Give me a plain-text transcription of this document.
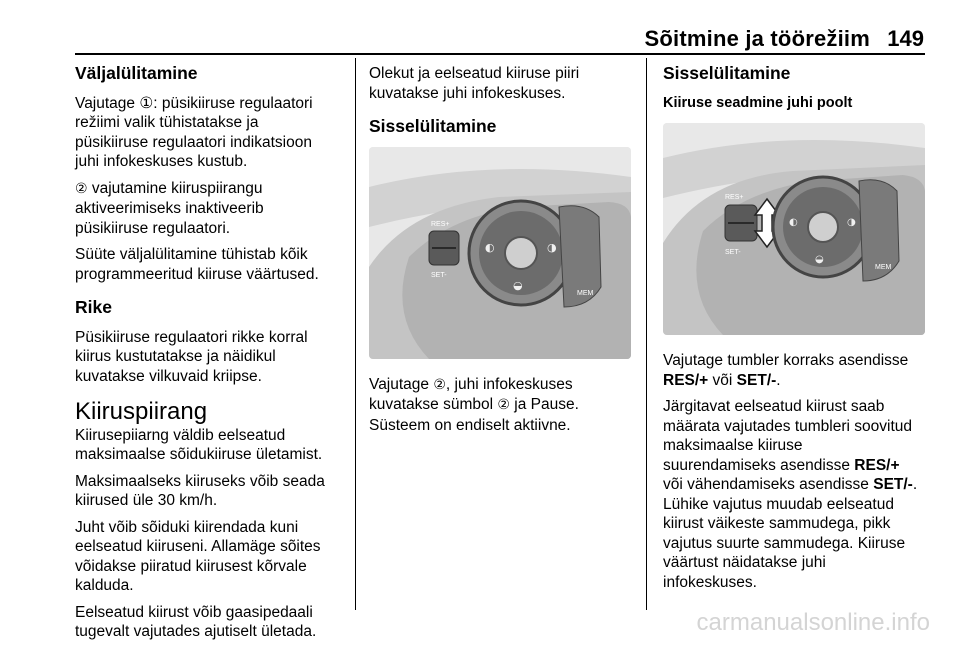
Sõitmine ja töörežiim 149
Väljalülitamine

Vajutage ①: püsikiiruse regulaatori
režiimi valik tühistatakse ja
püsikiiruse regulaatori indikatsioon
juhi infokeskuses kustub.

② vajutamine kiiruspiirangu
aktiveerimiseks inaktiveerib
püsikiiruse regulaatori.

Süüte väljalülitamine tühistab kõik
programmeeritud kiiruse väärtused.

Rike

Püsikiiruse regulaatori rikke korral
kiirus kustutatakse ja näidikul
kuvatakse vilkuvaid kriipse.

Kiiruspiirang

Kiirusepiiarng väldib eelseatud
maksimaalse sõidukiiruse ületamist.

Maksimaalseks kiiruseks võib seada
kiirused üle 30 km/h.

Juht võib sõiduki kiirendada kuni
eelseatud kiiruseni. Allamäge sõites
võidakse piiratud kiirusest kõrvale
kalduda.

Eelseatud kiirust võib gaasipedaali
tugevalt vajutades ajutiselt ületada.

Olekut ja eelseatud kiiruse piiri
kuvatakse juhi infokeskuses.

Sisselülitamine
RES+
SET-
◐	◑
◒
MEM

Vajutage ②, juhi infokeskuses
kuvatakse sümbol ② ja Pause.
Süsteem on endiselt aktiivne.

Sisselülitamine
Kiiruse seadmine juhi poolt
RES+
SET-
◐	◑
◒
MEM

Vajutage tumbler korraks asendisse
RES/+ või SET/-.

Järgitavat eelseatud kiirust saab
määrata vajutades tumbleri soovitud
maksimaalse kiiruse
suurendamiseks asendisse RES/+
või vähendamiseks asendisse SET/-.
Lühike vajutus muudab eelseatud
kiirust väikeste sammudega, pikk
vajutus suurte sammudega. Kiiruse
väärtust näidatakse juhi
infokeskuses.

carmanualsonline.info
